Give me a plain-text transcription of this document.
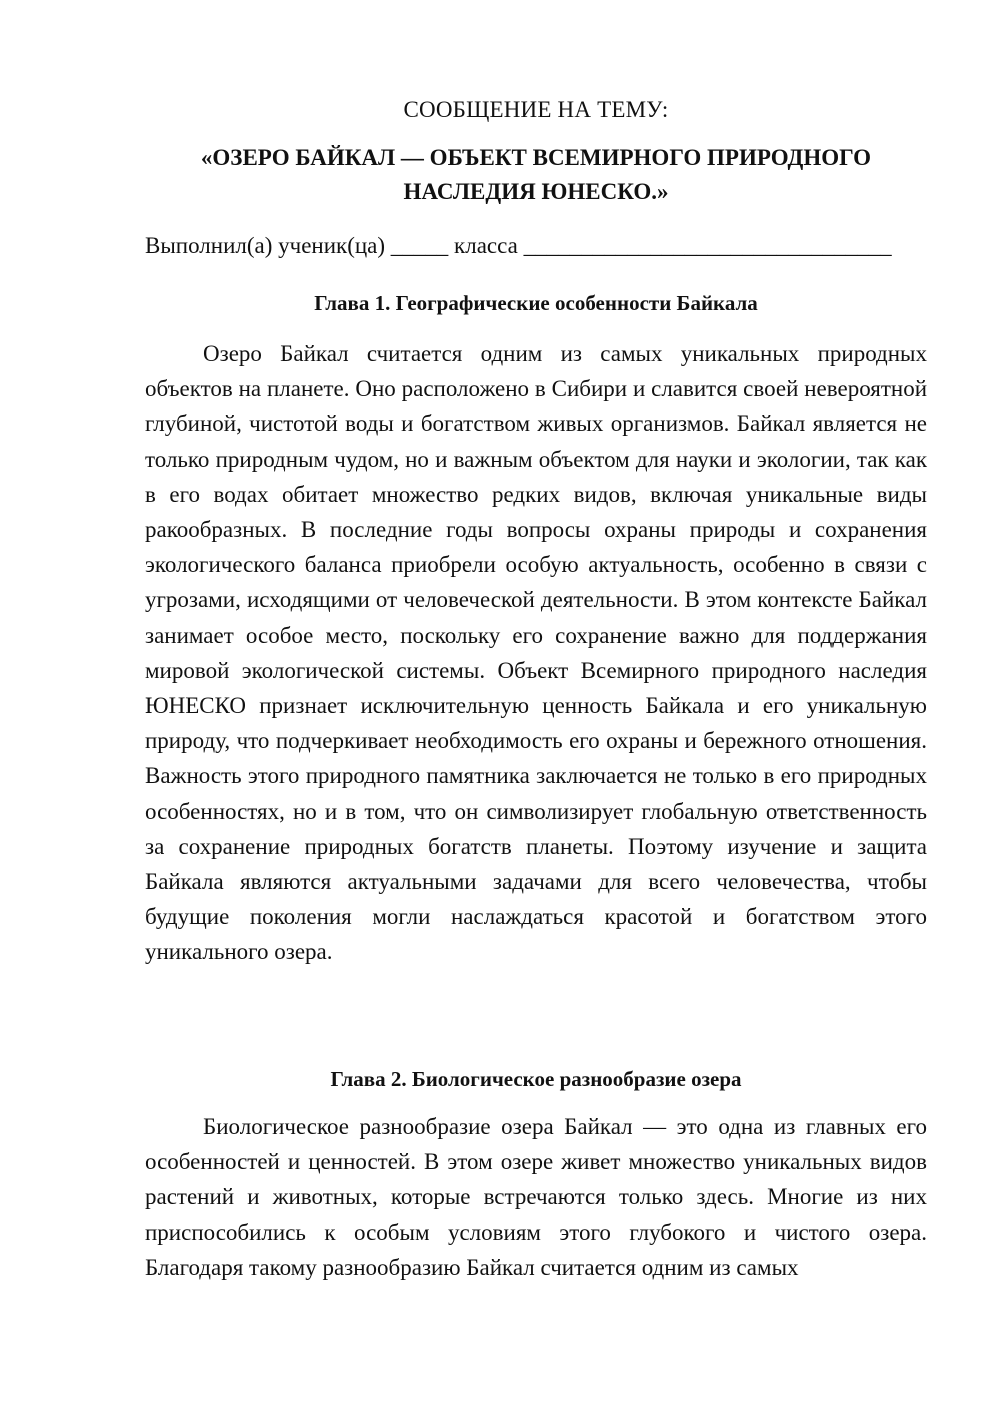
СООБЩЕНИЕ НА ТЕМУ:
«ОЗЕРО БАЙКАЛ — ОБЪЕКТ ВСЕМИРНОГО ПРИРОДНОГО
НАСЛЕДИЯ ЮНЕСКО.»
Выполнил(а) ученик(ца) _____ класса ________________________________
Глава 1. Географические особенности Байкала
Озеро Байкал считается одним из самых уникальных природных объектов на планете. Оно расположено в Сибири и славится своей невероятной глубиной, чистотой воды и богатством живых организмов. Байкал является не только природным чудом, но и важным объектом для науки и экологии, так как в его водах обитает множество редких видов, включая уникальные виды ракообразных. В последние годы вопросы охраны природы и сохранения экологического баланса приобрели особую актуальность, особенно в связи с угрозами, исходящими от человеческой деятельности. В этом контексте Байкал занимает особое место, поскольку его сохранение важно для поддержания мировой экологической системы. Объект Всемирного природного наследия ЮНЕСКО признает исключительную ценность Байкала и его уникальную природу, что подчеркивает необходимость его охраны и бережного отношения. Важность этого природного памятника заключается не только в его природных особенностях, но и в том, что он символизирует глобальную ответственность за сохранение природных богатств планеты. Поэтому изучение и защита Байкала являются актуальными задачами для всего человечества, чтобы будущие поколения могли наслаждаться красотой и богатством этого уникального озера.
Глава 2. Биологическое разнообразие озера
Биологическое разнообразие озера Байкал — это одна из главных его особенностей и ценностей. В этом озере живет множество уникальных видов растений и животных, которые встречаются только здесь. Многие из них приспособились к особым условиям этого глубокого и чистого озера. Благодаря такому разнообразию Байкал считается одним из самых
